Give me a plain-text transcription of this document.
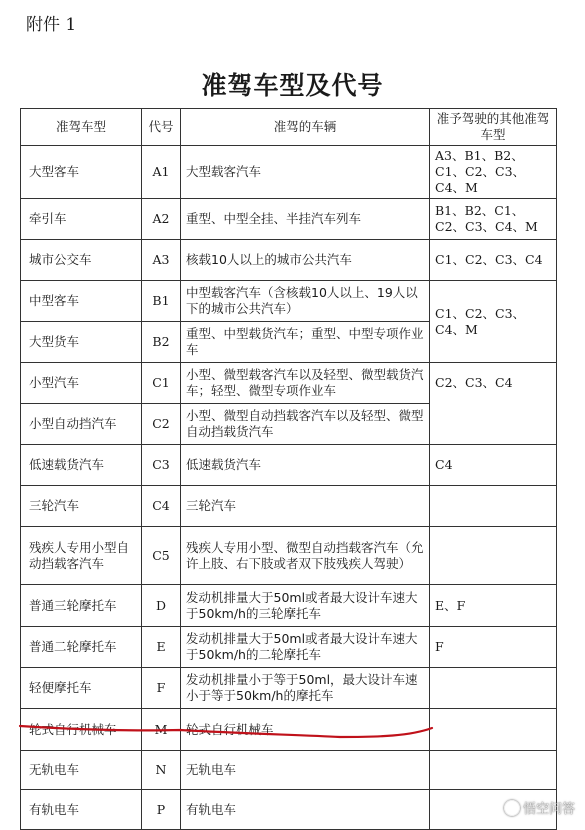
附件 1
准驾车型及代号
准驾车型	代号	准驾的车辆	准予驾驶的其他准驾车型
大型客车	A1	大型载客汽车	A3、B1、B2、C1、C2、C3、C4、M
牵引车	A2	重型、中型全挂、半挂汽车列车	B1、B2、C1、C2、C3、C4、M
城市公交车	A3	核载10人以上的城市公共汽车	C1、C2、C3、C4
中型客车	B1	中型载客汽车（含核载10人以上、19人以下的城市公共汽车）	C1、C2、C3、C4、M
大型货车	B2	重型、中型载货汽车；重型、中型专项作业车	
小型汽车	C1	小型、微型载客汽车以及轻型、微型载货汽车；轻型、微型专项作业车	C2、C3、C4
小型自动挡汽车	C2	小型、微型自动挡载客汽车以及轻型、微型自动挡载货汽车	
低速载货汽车	C3	低速载货汽车	C4
三轮汽车	C4	三轮汽车	
残疾人专用小型自动挡载客汽车	C5	残疾人专用小型、微型自动挡载客汽车（允许上肢、右下肢或者双下肢残疾人驾驶）	
普通三轮摩托车	D	发动机排量大于50ml或者最大设计车速大于50km/h的三轮摩托车	E、F
普通二轮摩托车	E	发动机排量大于50ml或者最大设计车速大于50km/h的二轮摩托车	F
轻便摩托车	F	发动机排量小于等于50ml，最大设计车速小于等于50km/h的摩托车	
轮式自行机械车	M	轮式自行机械车	
无轨电车	N	无轨电车	
有轨电车	P	有轨电车		悟空问答
